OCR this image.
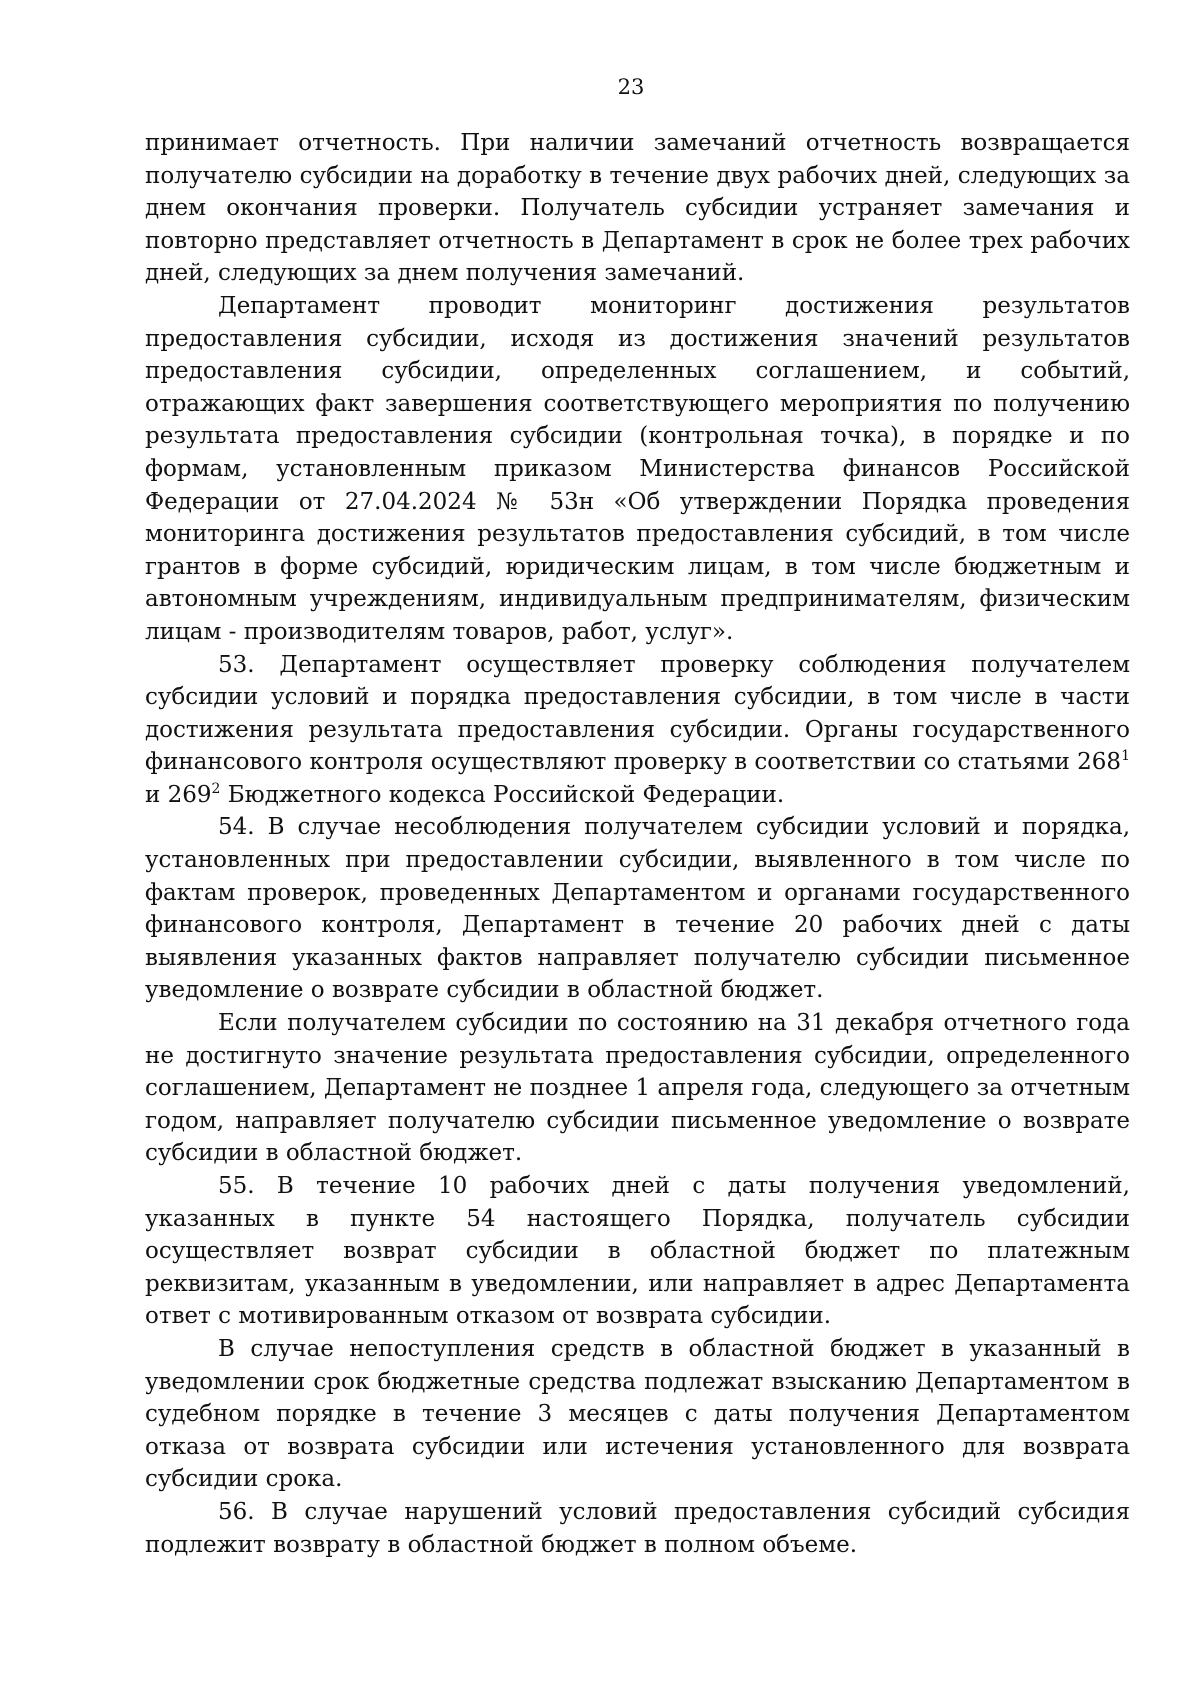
23

принимает отчетность. При наличии замечаний отчетность возвращается получателю субсидии на доработку в течение двух рабочих дней, следующих за днем окончания проверки. Получатель субсидии устраняет замечания и повторно представляет отчетность в Департамент в срок не более трех рабочих дней, следующих за днем получения замечаний.

Департамент проводит мониторинг достижения результатов предоставления субсидии, исходя из достижения значений результатов предоставления субсидии, определенных соглашением, и событий, отражающих факт завершения соответствующего мероприятия по получению результата предоставления субсидии (контрольная точка), в порядке и по формам, установленным приказом Министерства финансов Российской Федерации от 27.04.2024 № 53н «Об утверждении Порядка проведения мониторинга достижения результатов предоставления субсидий, в том числе грантов в форме субсидий, юридическим лицам, в том числе бюджетным и автономным учреждениям, индивидуальным предпринимателям, физическим лицам - производителям товаров, работ, услуг».

53. Департамент осуществляет проверку соблюдения получателем субсидии условий и порядка предоставления субсидии, в том числе в части достижения результата предоставления субсидии. Органы государственного финансового контроля осуществляют проверку в соответствии со статьями $268^1$ и $269^2$ Бюджетного кодекса Российской Федерации.

54. В случае несоблюдения получателем субсидии условий и порядка, установленных при предоставлении субсидии, выявленного в том числе по фактам проверок, проведенных Департаментом и органами государственного финансового контроля, Департамент в течение 20 рабочих дней с даты выявления указанных фактов направляет получателю субсидии письменное уведомление о возврате субсидии в областной бюджет.

Если получателем субсидии по состоянию на 31 декабря отчетного года не достигнуто значение результата предоставления субсидии, определенного соглашением, Департамент не позднее 1 апреля года, следующего за отчетным годом, направляет получателю субсидии письменное уведомление о возврате субсидии в областной бюджет.

55. В течение 10 рабочих дней с даты получения уведомлений, указанных в пункте 54 настоящего Порядка, получатель субсидии осуществляет возврат субсидии в областной бюджет по платежным реквизитам, указанным в уведомлении, или направляет в адрес Департамента ответ с мотивированным отказом от возврата субсидии.

В случае непоступления средств в областной бюджет в указанный в уведомлении срок бюджетные средства подлежат взысканию Департаментом в судебном порядке в течение 3 месяцев с даты получения Департаментом отказа от возврата субсидии или истечения установленного для возврата субсидии срока.

56. В случае нарушений условий предоставления субсидий субсидия подлежит возврату в областной бюджет в полном объеме.
